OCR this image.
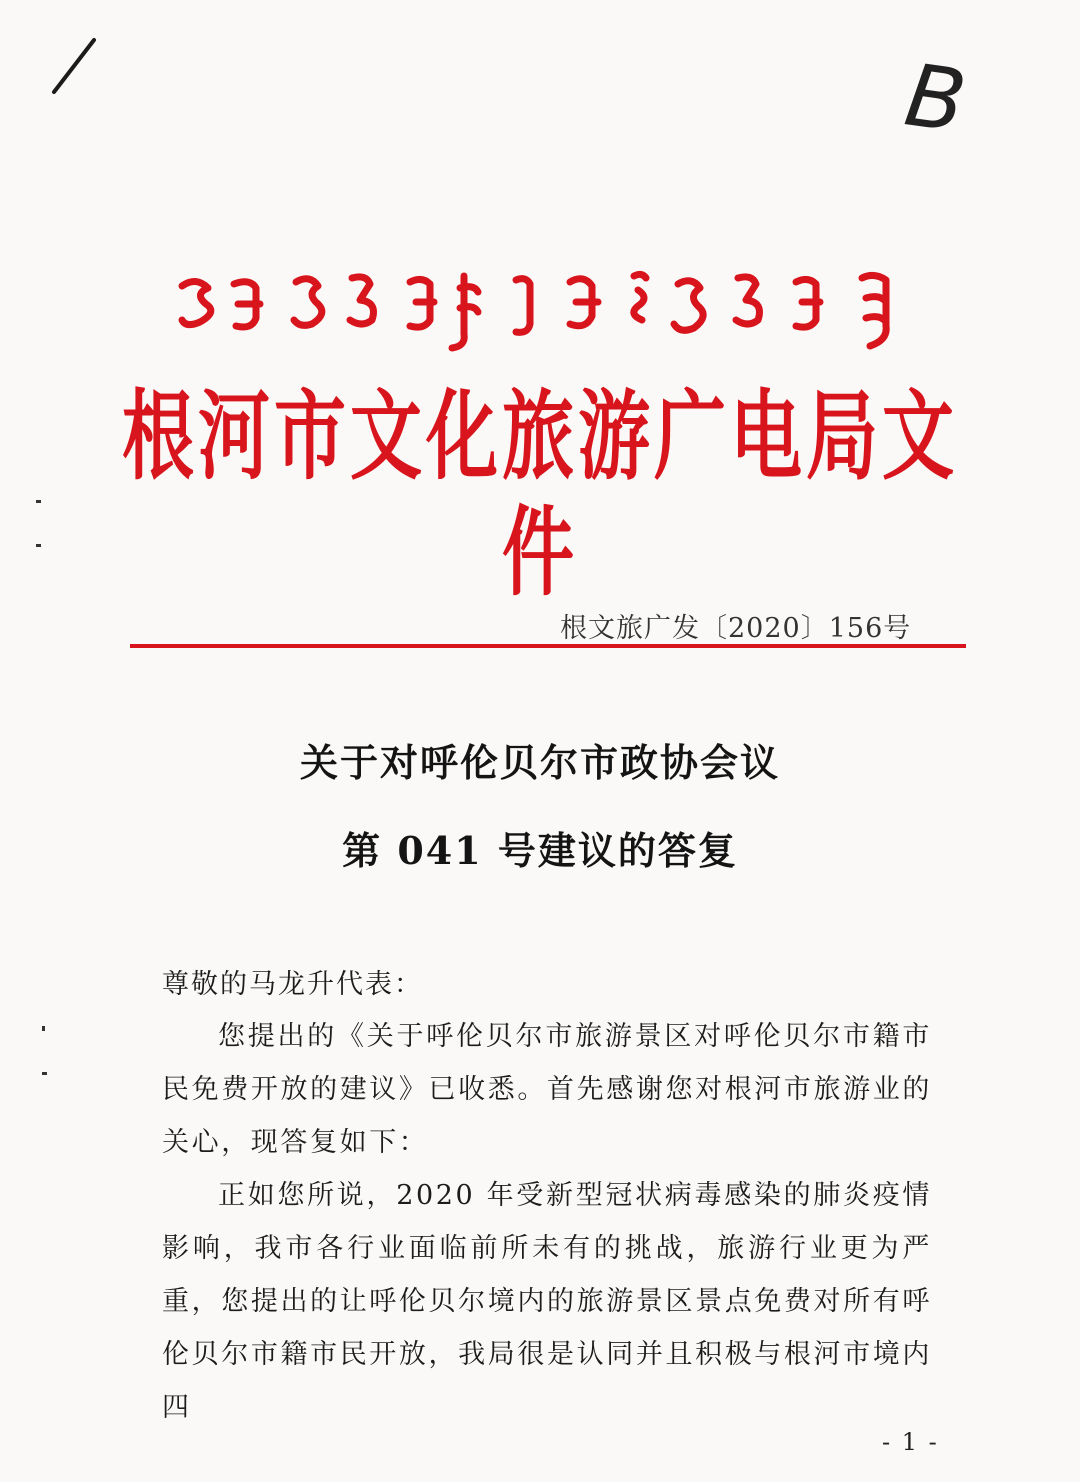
B
根河市文化旅游广电局文件
根文旅广发〔2020〕156号
关于对呼伦贝尔市政协会议
第 041 号建议的答复
尊敬的马龙升代表：

您提出的《关于呼伦贝尔市旅游景区对呼伦贝尔市籍市民免费开放的建议》已收悉。首先感谢您对根河市旅游业的关心，现答复如下：

正如您所说，2020 年受新型冠状病毒感染的肺炎疫情影响，我市各行业面临前所未有的挑战，旅游行业更为严重，您提出的让呼伦贝尔境内的旅游景区景点免费对所有呼伦贝尔市籍市民开放，我局很是认同并且积极与根河市境内四

- 1 -
